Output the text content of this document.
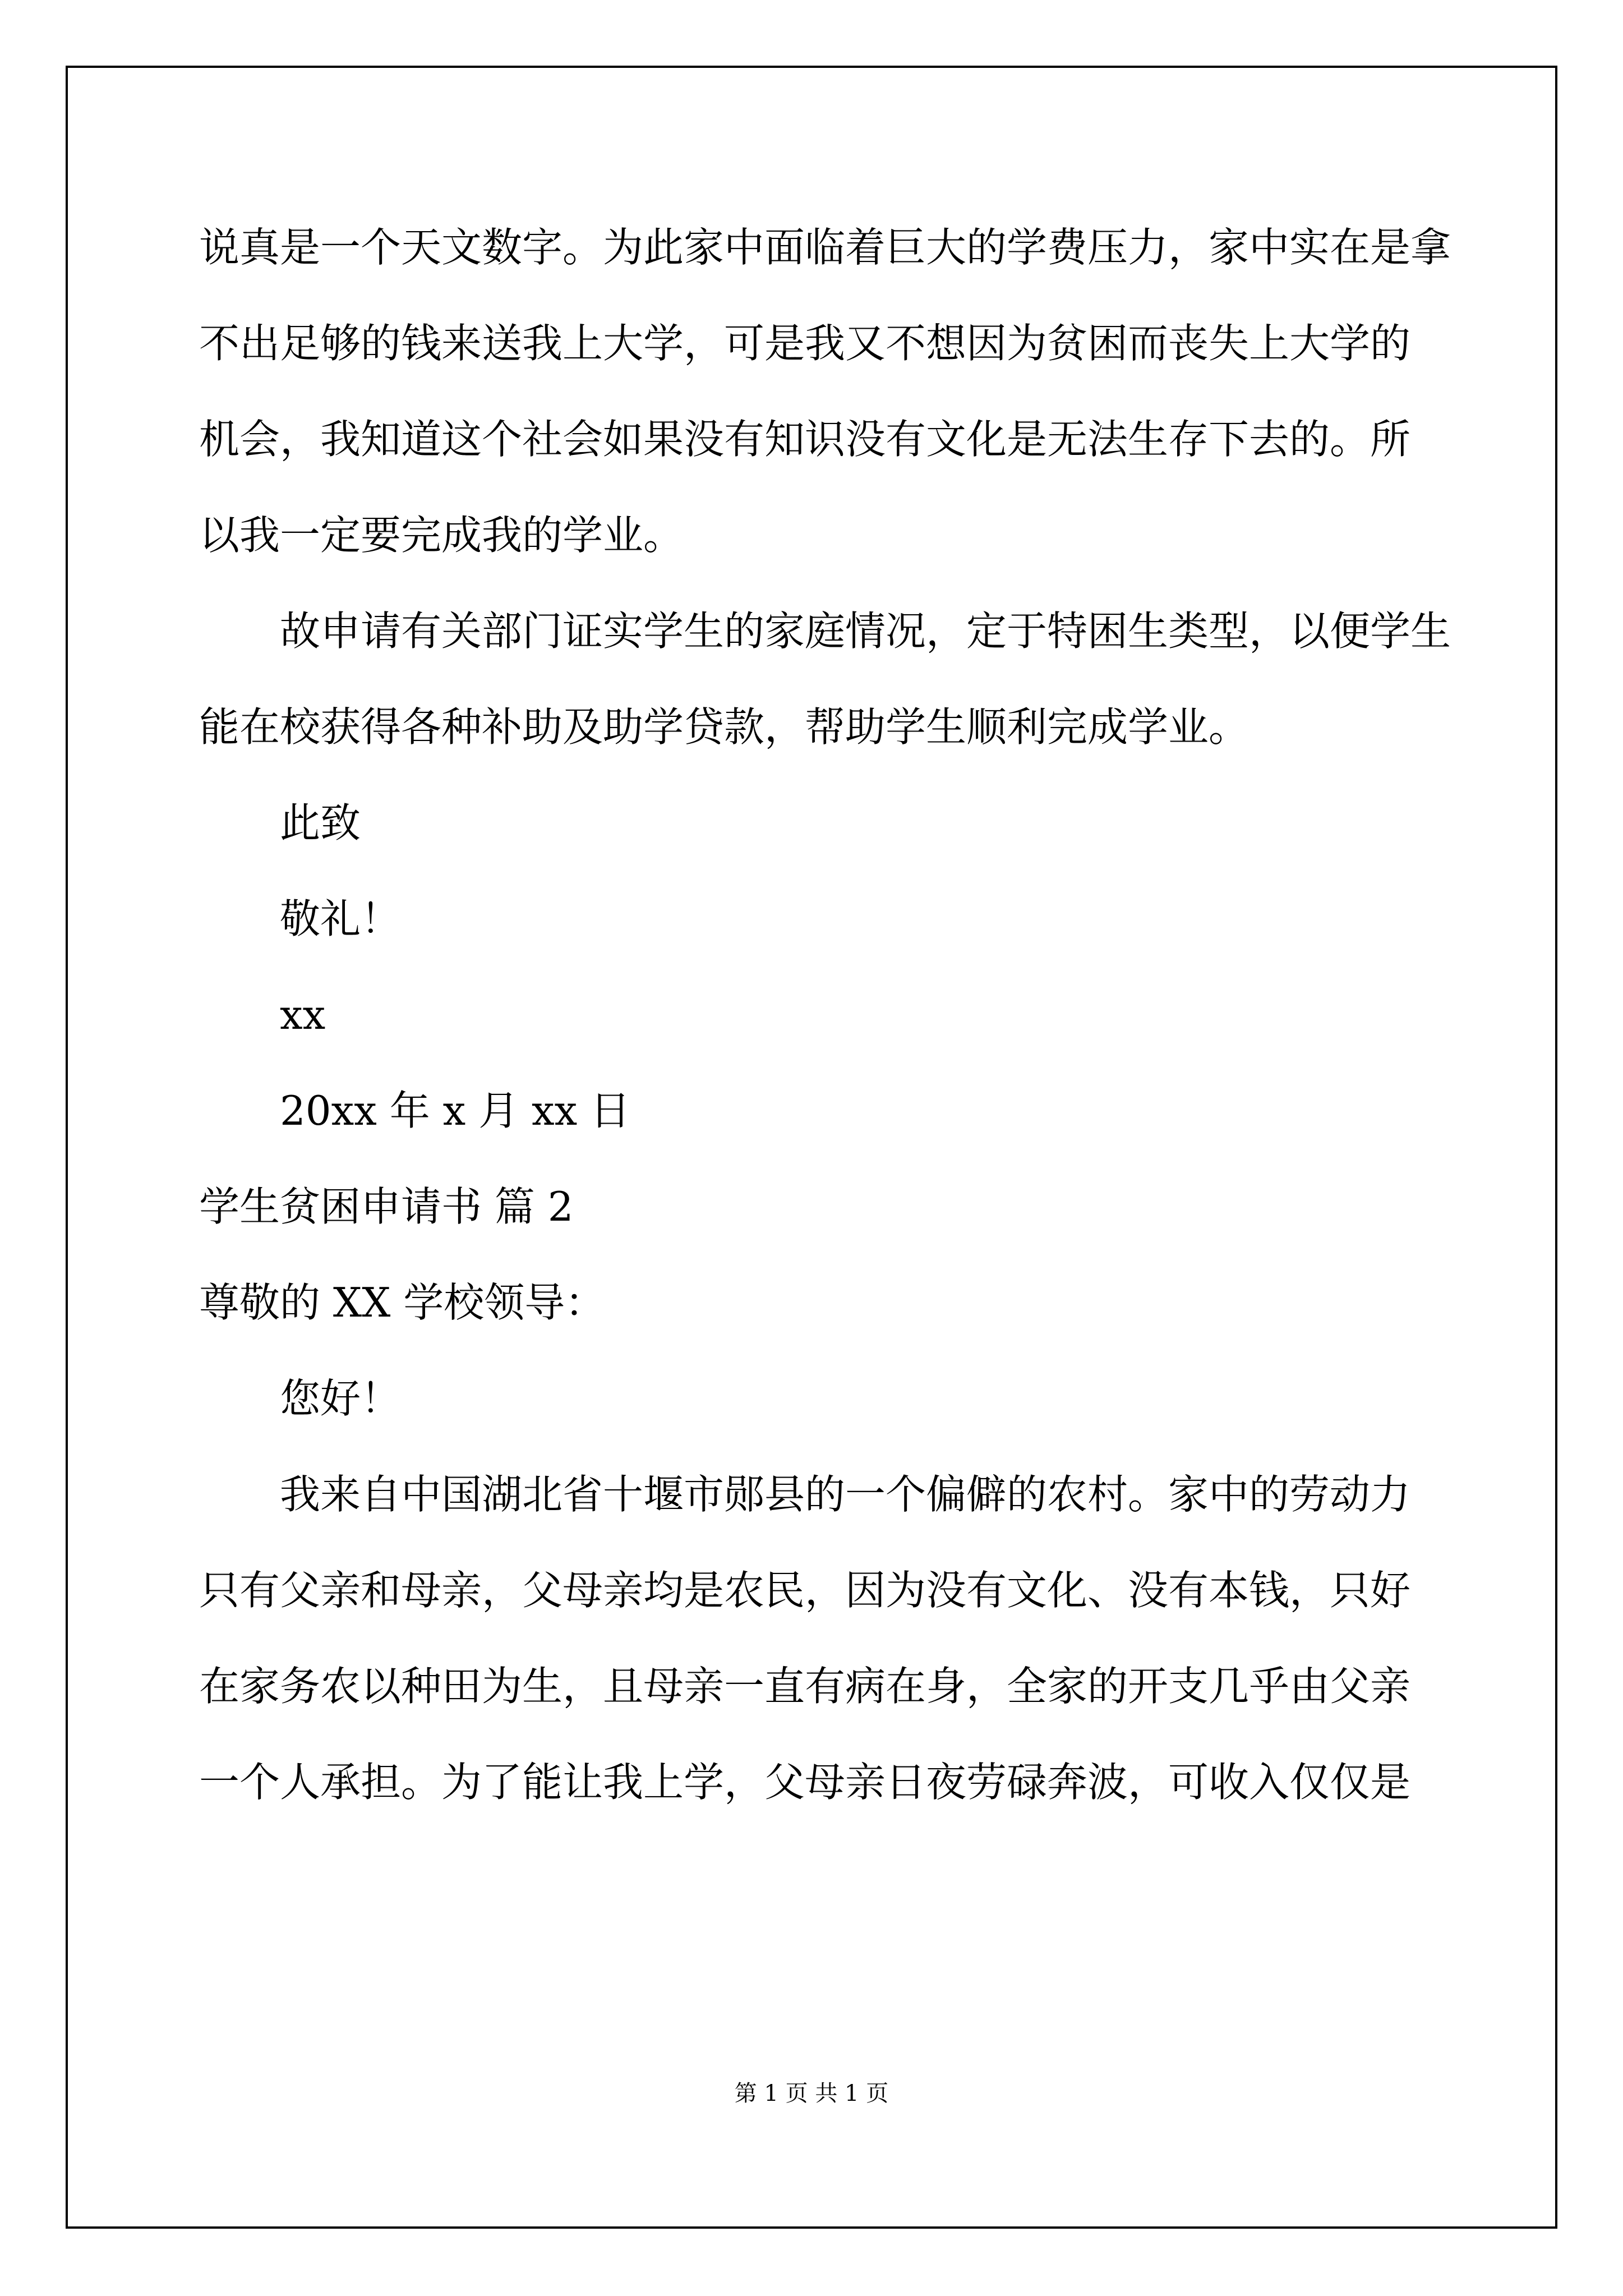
说真是一个天文数字。为此家中面临着巨大的学费压力，家中实在是拿
不出足够的钱来送我上大学，可是我又不想因为贫困而丧失上大学的
机会，我知道这个社会如果没有知识没有文化是无法生存下去的。所
以我一定要完成我的学业。
故申请有关部门证实学生的家庭情况，定于特困生类型，以便学生
能在校获得各种补助及助学贷款，帮助学生顺利完成学业。
此致
敬礼！
xx
20xx 年 x 月 xx 日
学生贫困申请书 篇 2
尊敬的 XX 学校领导：
您好！
我来自中国湖北省十堰市郧县的一个偏僻的农村。家中的劳动力
只有父亲和母亲，父母亲均是农民，因为没有文化、没有本钱，只好
在家务农以种田为生，且母亲一直有病在身，全家的开支几乎由父亲
一个人承担。为了能让我上学，父母亲日夜劳碌奔波，可收入仅仅是
第 1 页 共 1 页
